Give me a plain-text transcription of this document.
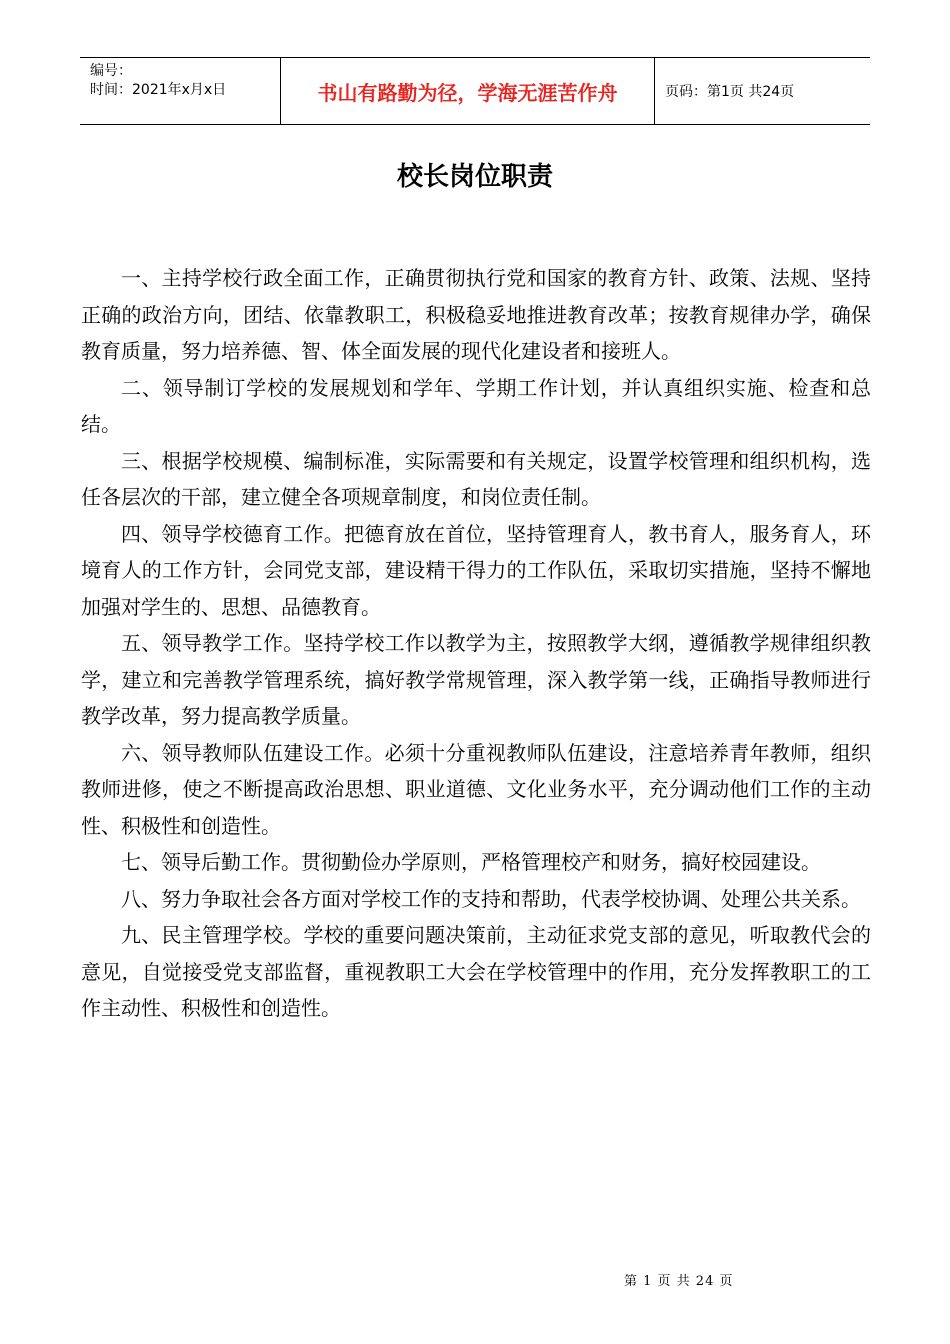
编号：
时间：2021年x月x日	书山有路勤为径，学海无涯苦作舟	页码：第1页 共24页
校长岗位职责

一、主持学校行政全面工作，正确贯彻执行党和国家的教育方针、政策、法规、坚持正确的政治方向，团结、依靠教职工，积极稳妥地推进教育改革；按教育规律办学，确保教育质量，努力培养德、智、体全面发展的现代化建设者和接班人。

二、领导制订学校的发展规划和学年、学期工作计划，并认真组织实施、检查和总结。

三、根据学校规模、编制标准，实际需要和有关规定，设置学校管理和组织机构，选任各层次的干部，建立健全各项规章制度，和岗位责任制。

四、领导学校德育工作。把德育放在首位，坚持管理育人，教书育人，服务育人，环境育人的工作方针，会同党支部，建设精干得力的工作队伍，采取切实措施，坚持不懈地加强对学生的、思想、品德教育。

五、领导教学工作。坚持学校工作以教学为主，按照教学大纲，遵循教学规律组织教学，建立和完善教学管理系统，搞好教学常规管理，深入教学第一线，正确指导教师进行教学改革，努力提高教学质量。

六、领导教师队伍建设工作。必须十分重视教师队伍建设，注意培养青年教师，组织教师进修，使之不断提高政治思想、职业道德、文化业务水平，充分调动他们工作的主动性、积极性和创造性。

七、领导后勤工作。贯彻勤俭办学原则，严格管理校产和财务，搞好校园建设。

八、努力争取社会各方面对学校工作的支持和帮助，代表学校协调、处理公共关系。

九、民主管理学校。学校的重要问题决策前，主动征求党支部的意见，听取教代会的意见，自觉接受党支部监督，重视教职工大会在学校管理中的作用，充分发挥教职工的工作主动性、积极性和创造性。

第 1 页 共 24 页
